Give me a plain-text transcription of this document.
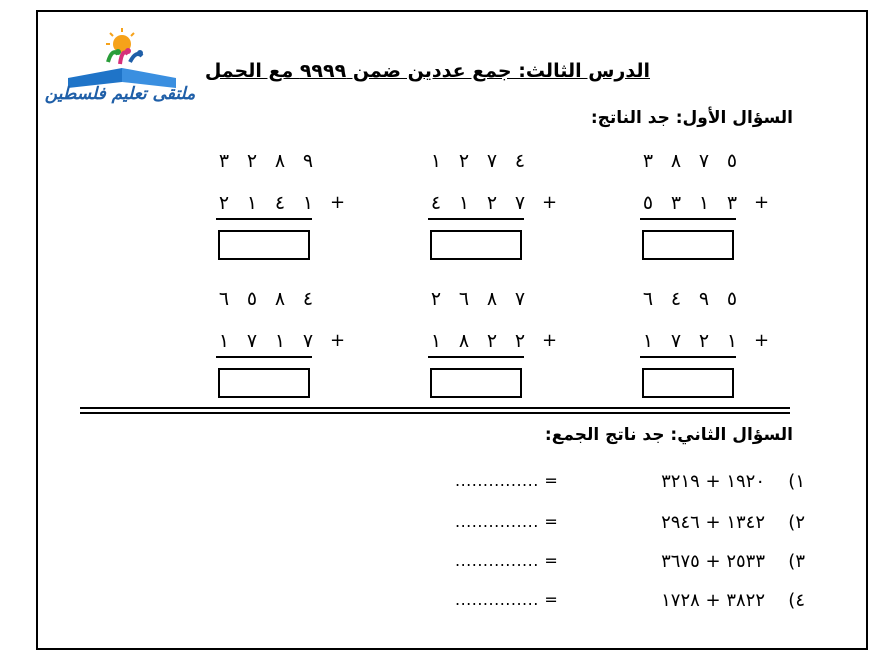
ملتقى تعليم فلسطين
الدرس الثالث: جمع عددين ضمن ٩٩٩٩ مع الحمل
السؤال الأول: جد الناتج:
٣ ٨ ٧ ٥
٥ ٣ ١ ٣ +
١ ٢ ٧ ٤
٤ ١ ٢ ٧ +
٣ ٢ ٨ ٩
٢ ١ ٤ ١ +
٦ ٤ ٩ ٥
١ ٧ ٢ ١ +
٢ ٦ ٨ ٧
١ ٨ ٢ ٢ +
٦ ٥ ٨ ٤
١ ٧ ١ ٧ +
السؤال الثاني: جد ناتج الجمع:
١)١٩٢٠ + ٣٢١٩
= ...............
٢)١٣٤٢ + ٢٩٤٦
= ...............
٣)٢٥٣٣ + ٣٦٧٥
= ...............
٤)٣٨٢٢ + ١٧٢٨
= ...............
